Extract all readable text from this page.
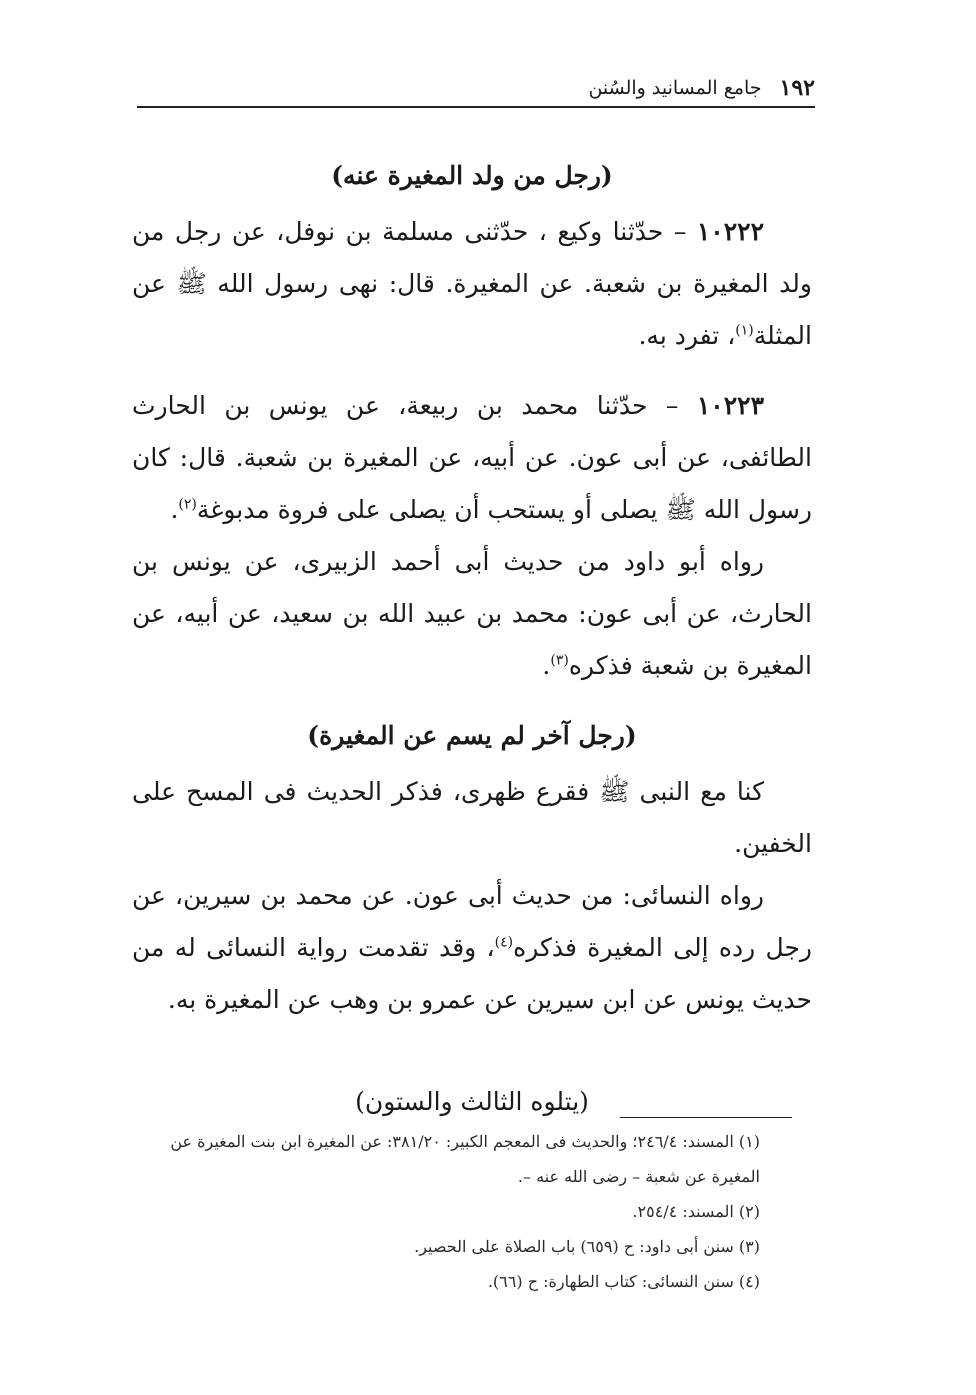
١٩٢
جامع المسانيد والسُنن

(رجل من ولد المغيرة عنه)

١٠٢٢٢ – حدّثنا وكيع ، حدّثنى مسلمة بن نوفل، عن رجل من ولد المغيرة بن شعبة. عن المغيرة. قال: نهى رسول الله ﷺ عن المثلة$^{(١)}$، تفرد به.

١٠٢٢٣ – حدّثنا محمد بن ربيعة، عن يونس بن الحارث الطائفى، عن أبى عون. عن أبيه، عن المغيرة بن شعبة. قال: كان رسول الله ﷺ يصلى أو يستحب أن يصلى على فروة مدبوغة$^{(٢)}$.

رواه أبو داود من حديث أبى أحمد الزبيرى، عن يونس بن الحارث، عن أبى عون: محمد بن عبيد الله بن سعيد، عن أبيه، عن المغيرة بن شعبة فذكره$^{(٣)}$.

(رجل آخر لم يسم عن المغيرة)

كنا مع النبى ﷺ فقرع ظهرى، فذكر الحديث فى المسح على الخفين.

رواه النسائى: من حديث أبى عون. عن محمد بن سيرين، عن رجل رده إلى المغيرة فذكره$^{(٤)}$، وقد تقدمت رواية النسائى له من حديث يونس عن ابن سيرين عن عمرو بن وهب عن المغيرة به.

(يتلوه الثالث والستون)

(١) المسند: ٢٤٦/٤؛ والحديث فى المعجم الكبير: ٣٨١/٢٠: عن المغيرة ابن بنت المغيرة عن المغيرة عن شعبة – رضى الله عنه –.

(٢) المسند: ٢٥٤/٤.

(٣) سنن أبى داود: ح (٦٥٩) باب الصلاة على الحصير.

(٤) سنن النسائى: كتاب الطهارة: ح (٦٦).
